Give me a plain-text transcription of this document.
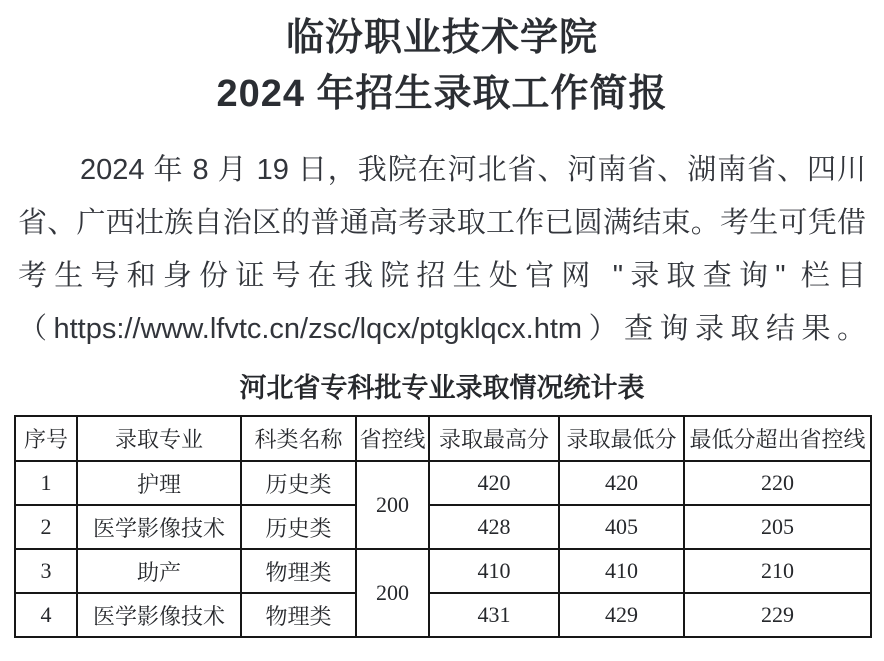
临汾职业技术学院
2024 年招生录取工作简报
2024 年 8 月 19 日，我院在河北省、河南省、湖南省、四川
省、广西壮族自治区的普通高考录取工作已圆满结束。考生可凭借
考生号和身份证号在我院招生处官网 "录取查询" 栏目
（https://www.lfvtc.cn/zsc/lqcx/ptgklqcx.htm）查询录取结果。
河北省专科批专业录取情况统计表
序号	录取专业	科类名称	省控线	录取最高分	录取最低分	最低分超出省控线
1	护理	历史类	200	420	420	220
2	医学影像技术	历史类		428	405	205
3	助产	物理类	200	410	410	210
4	医学影像技术	物理类		431	429	229
